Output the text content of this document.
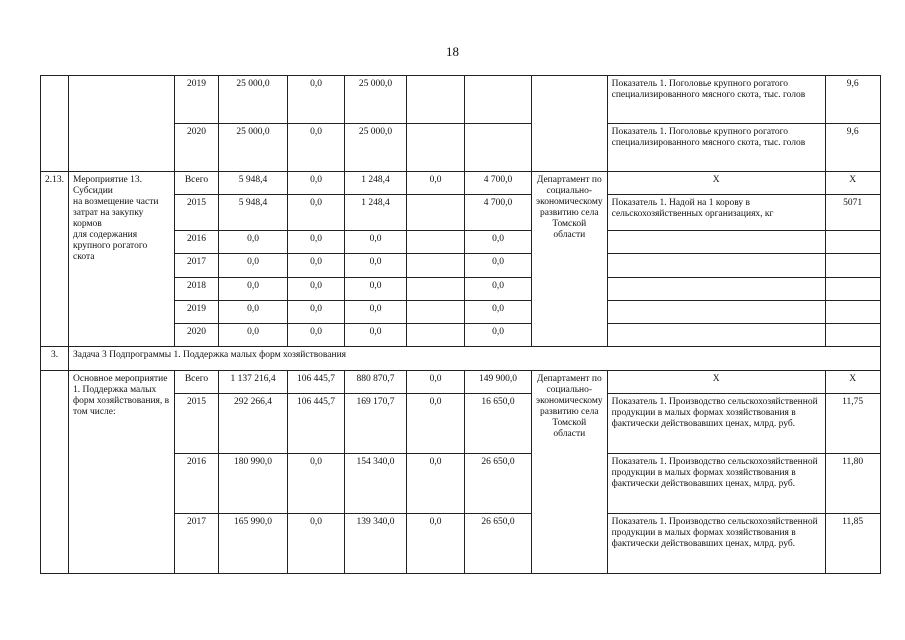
18
		2019	25 000,0	0,0	25 000,0				Показатель 1. Поголовье крупного рогатого специализированного мясного скота, тыс. голов	9,6
		2020	25 000,0	0,0	25 000,0				Показатель 1. Поголовье крупного рогатого специализированного мясного скота, тыс. голов	9,6
2.13.	Мероприятие 13.
Субсидии
на возмещение части затрат на закупку кормов
для содержания крупного рогатого скота	Всего	5 948,4	0,0	1 248,4	0,0	4 700,0	Департамент по социально-экономическому развитию села Томской области	Х	Х
		2015	5 948,4	0,0	1 248,4		4 700,0		Показатель 1. Надой на 1 корову в сельскохозяйственных организациях, кг	5071
		2016	0,0	0,0	0,0		0,0			
		2017	0,0	0,0	0,0		0,0			
		2018	0,0	0,0	0,0		0,0			
		2019	0,0	0,0	0,0		0,0			
		2020	0,0	0,0	0,0		0,0			
3.	Задача 3 Подпрограммы 1. Поддержка малых форм хозяйствования									
	Основное мероприятие 1. Поддержка малых форм хозяйствования, в том числе:	Всего	1 137 216,4	106 445,7	880 870,7	0,0	149 900,0	Департамент по социально-экономическому развитию села Томской области	Х	Х
		2015	292 266,4	106 445,7	169 170,7	0,0	16 650,0		Показатель 1. Производство сельскохозяйственной продукции в малых формах хозяйствования в фактически действовавших ценах, млрд. руб.	11,75
		2016	180 990,0	0,0	154 340,0	0,0	26 650,0		Показатель 1. Производство сельскохозяйственной продукции в малых формах хозяйствования в фактически действовавших ценах, млрд. руб.	11,80
		2017	165 990,0	0,0	139 340,0	0,0	26 650,0		Показатель 1. Производство сельскохозяйственной продукции в малых формах хозяйствования в фактически действовавших ценах, млрд. руб.	11,85
